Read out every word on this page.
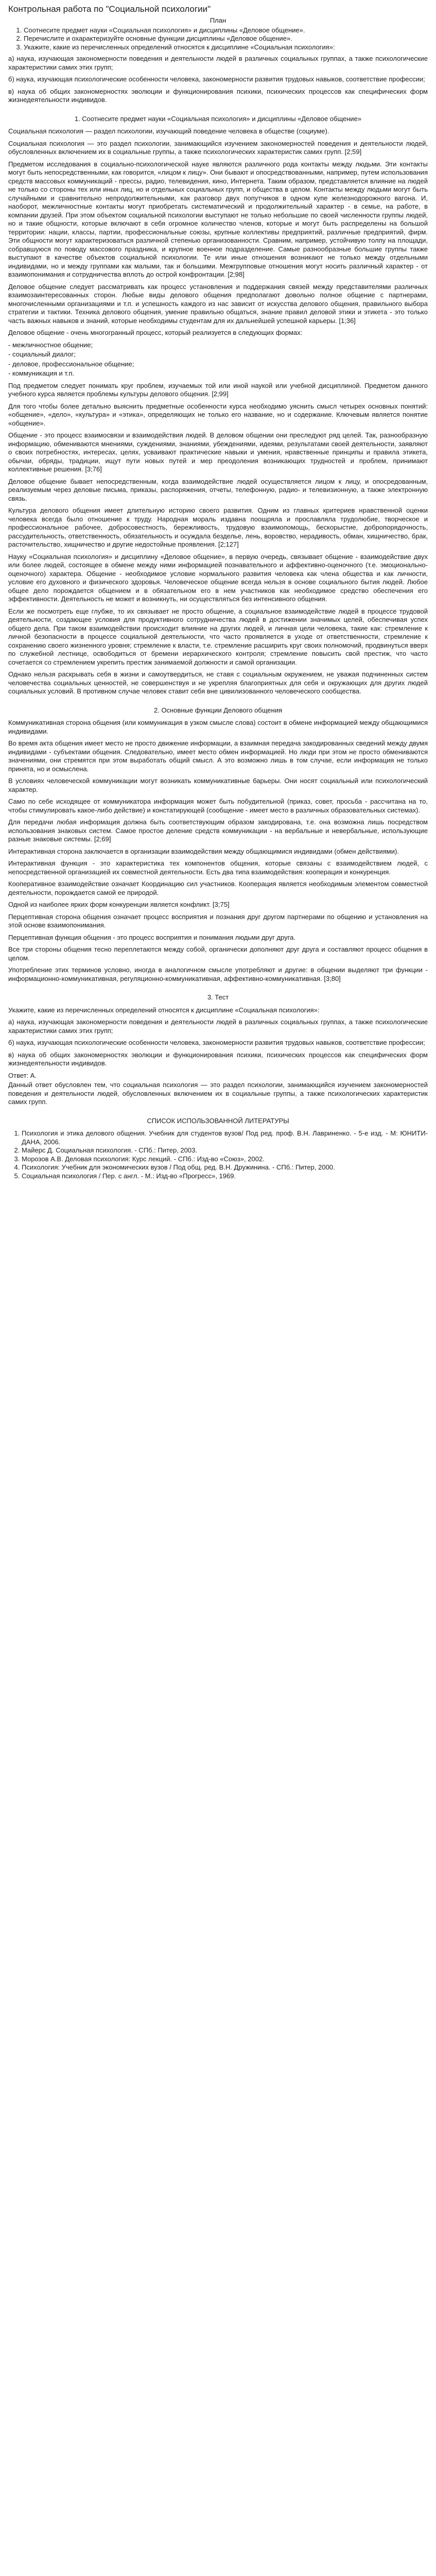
Контрольная работа по "Социальной психологии"
План
1. Соотнесите предмет науки «Социальная психология» и дисциплины «Деловое общение».
2. Перечислите и охарактеризуйте основные функции дисциплины «Деловое общение».
3. Укажите, какие из перечисленных определений относятся к дисциплине «Социальная психология»:

а) наука, изучающая закономерности поведения и деятельности людей в различных социальных группах, а также психологические характеристики самих этих групп;

б) наука, изучающая психологические особенности человека, закономерности развития трудовых навыков, соответствие профессии;

в) наука об общих закономерностях эволюции и функционирования психики, психических процессов как специфических форм жизнедеятельности индивидов.

1. Соотнесите предмет науки «Социальная психология» и дисциплины «Деловое общение»

Социальная психология — раздел психологии, изучающий поведение человека в обществе (социуме).

Социальная психология — это раздел психологии, занимающийся изучением закономерностей поведения и деятельности людей, обусловленных включением их в социальные группы, а также психологических характеристик самих групп. [2;59]

Предметом исследования в социально-психологической науке являются различного рода контакты между людьми. Эти контакты могут быть непосредственными, как говорится, «лицом к лицу». Они бывают и опосредствованными, например, путем использования средств массовых коммуникаций - прессы, радио, телевидения, кино, Интернета. Таким образом, представляется влияние на людей не только со стороны тех или иных лиц, но и отдельных социальных групп, и общества в целом. Контакты между людьми могут быть случайными и сравнительно непродолжительными, как разговор двух попутчиков в одном купе железнодорожного вагона. И, наоборот, межличностные контакты могут приобретать систематический и продолжительный характер - в семье, на работе, в компании друзей. При этом объектом социальной психологии выступают не только небольшие по своей численности группы людей, но и такие общности, которые включают в себя огромное количество членов, которые и могут быть распределены на большой территории: нации, классы, партии, профессиональные союзы, крупные коллективы предприятий, различные предприятий, фирм. Эти общности могут характеризоваться различной степенью организованности. Сравним, например, устойчивую толпу на площади, собравшуюся по поводу массового праздника, и крупное военное подразделение. Самые разнообразные большие группы также выступают в качестве объектов социальной психологии. Те или иные отношения возникают не только между отдельными индивидами, но и между группами как малыми, так и большими. Межгрупповые отношения могут носить различный характер - от взаимопонимания и сотрудничества вплоть до острой конфронтации. [2;98]

Деловое общение следует рассматривать как процесс установления и поддержания связей между представителями различных взаимозаинтересованных сторон. Любые виды делового общения предполагают довольно полное общение с партнерами, многочисленными организациями и т.п. и успешность каждого из нас зависит от искусства делового общения, правильного выбора стратегии и тактики. Техника делового общения, умение правильно общаться, знание правил деловой этики и этикета - это только часть важных навыков и знаний, которые необходимы студентам для их дальнейшей успешной карьеры. [1;36]

Деловое общение - очень многогранный процесс, который реализуется в следующих формах:

- межличностное общение;

- социальный диалог;

- деловое, профессиональное общение;

- коммуникация и т.п.

Под предметом следует понимать круг проблем, изучаемых той или иной наукой или учебной дисциплиной. Предметом данного учебного курса является проблемы культуры делового общения. [2;99]

Для того чтобы более детально выяснить предметные особенности курса необходимо уяснить смысл четырех основных понятий: «общение», «дело», «культура» и «этика», определяющих не только его название, но и содержание. Ключевым является понятие «общение».

Общение - это процесс взаимосвязи и взаимодействия людей. В деловом общении они преследуют ряд целей. Так, разнообразную информацию, обмениваются мнениями, суждениями, знаниями, убеждениями, идеями, результатами своей деятельности, заявляют о своих потребностях, интересах, целях, усваивают практические навыки и умения, нравственные принципы и правила этикета, обычаи, обряды, традиции, ищут пути новых путей и мер преодоления возникающих трудностей и проблем, принимают коллективные решения. [3;76]

Деловое общение бывает непосредственным, когда взаимодействие людей осуществляется лицом к лицу, и опосредованным, реализуемым через деловые письма, приказы, распоряжения, отчеты, телефонную, радио- и телевизионную, а также электронную связь.

Культура делового общения имеет длительную историю своего развития. Одним из главных критериев нравственной оценки человека всегда было отношение к труду. Народная мораль издавна поощряла и прославляла трудолюбие, творческое и профессиональное рабочее, добросовестность, бережливость, трудовую взаимопомощь, бескорыстие, добропорядочность, рассудительность, ответственность, обязательность и осуждала безделье, лень, воровство, нерадивость, обман, хищничество, брак, расточительство, хищничество и другие недостойные проявления. [2;127]

Науку «Социальная психология» и дисциплину «Деловое общение», в первую очередь, связывает общение - взаимодействие двух или более людей, состоящее в обмене между ними информацией познавательного и аффективно-оценочного (т.е. эмоционально-оценочного) характера. Общение - необходимое условие нормального развития человека как члена общества и как личности, условие его духовного и физического здоровья. Человеческое общение всегда нельзя в основе социального бытия людей. Любое общее дело порождается общением и в обязательном его в нем участников как необходимое средство обеспечения его эффективности. Деятельность не может и возникнуть, ни осуществляться без интенсивного общения.

Если же посмотреть еще глубже, то их связывает не просто общение, а социальное взаимодействие людей в процессе трудовой деятельности, создающее условия для продуктивного сотрудничества людей в достижении значимых целей, обеспечивая успех общего дела. При таком взаимодействии происходит влияние на других людей, и личная цели человека, такие как: стремление к личной безопасности в процессе социальной деятельности, что часто проявляется в уходе от ответственности, стремление к сохранению своего жизненного уровня; стремление к власти, т.е. стремление расширить круг своих полномочий, продвинуться вверх по служебной лестнице, освободиться от бремени иерархического контроля; стремление повысить свой престиж, что часто сочетается со стремлением укрепить престиж занимаемой должности и самой организации.

Однако нельзя раскрывать себя в жизни и самоутвердиться, не ставя с социальным окружением, не уважая подчиненных систем человечества социальных ценностей, не совершенствуя и не укрепляя благоприятных для себя и окружающих для других людей социальных условий. В противном случае человек ставит себя вне цивилизованного человеческого сообщества.

2. Основные функции Делового общения

Коммуникативная сторона общения (или коммуникация в узком смысле слова) состоит в обмене информацией между общающимися индивидами.

Во время акта общения имеет место не просто движение информации, а взаимная передача закодированных сведений между двумя индивидами - субъектами общения. Следовательно, имеет место обмен информацией. Но люди при этом не просто обмениваются значениями, они стремятся при этом выработать общий смысл. А это возможно лишь в том случае, если информация не только принята, но и осмыслена.

В условиях человеческой коммуникации могут возникать коммуникативные барьеры. Они носят социальный или психологический характер.

Само по себе исходящее от коммуникатора информация может быть побудительной (приказ, совет, просьба - рассчитана на то, чтобы стимулировать какое-либо действие) и констатирующей (сообщение - имеет место в различных образовательных системах).

Для передачи любая информация должна быть соответствующим образом закодирована, т.е. она возможна лишь посредством использования знаковых систем. Самое простое деление средств коммуникации - на вербальные и невербальные, использующие разные знаковые системы. [2;69]

Интерактивная сторона заключается в организации взаимодействия между общающимися индивидами (обмен действиями).

Интерактивная функция - это характеристика тех компонентов общения, которые связаны с взаимодействием людей, с непосредственной организацией их совместной деятельности. Есть два типа взаимодействия: кооперация и конкуренция.

Кооперативное взаимодействие означает Координацию сил участников. Кооперация является необходимым элементом совместной деятельности, порождается самой ее природой.

Одной из наиболее ярких форм конкуренции является конфликт. [3;75]

Перцептивная сторона общения означает процесс восприятия и познания друг другом партнерами по общению и установления на этой основе взаимопонимания.

Перцептивная функция общения - это процесс восприятия и понимания людьми друг друга.

Все три стороны общения тесно переплетаются между собой, органически дополняют друг друга и составляют процесс общения в целом.

Употребление этих терминов условно, иногда в аналогичном смысле употребляют и другие: в общении выделяют три функции - информационно-коммуникативная, регуляционно-коммуникативная, аффективно-коммуникативная. [3;80]

3. Тест

Укажите, какие из перечисленных определений относятся к дисциплине «Социальная психология»:

а) наука, изучающая закономерности поведения и деятельности людей в различных социальных группах, а также психологические характеристики самих этих групп;

б) наука, изучающая психологические особенности человека, закономерности развития трудовых навыков, соответствие профессии;

в) наука об общих закономерностях эволюции и функционирования психики, психических процессов как специфических форм жизнедеятельности индивидов.

Ответ: А.

Данный ответ обусловлен тем, что социальная психология — это раздел психологии, занимающийся изучением закономерностей поведения и деятельности людей, обусловленных включением их в социальные группы, а также психологических характеристик самих групп.

СПИСОК ИСПОЛЬЗОВАННОЙ ЛИТЕРАТУРЫ
1. Психология и этика делового общения. Учебник для студентов вузов/ Под ред. проф. В.Н. Лавриненко. - 5-е изд. - М: ЮНИТИ-ДАНА, 2006.
2. Майерс Д. Социальная психология. - СПб.: Питер, 2003.
3. Морозов А.В. Деловая психология: Курс лекций. - СПб.: Изд-во «Союз», 2002.
4. Психология: Учебник для экономических вузов / Под общ. ред. В.Н. Дружинина. - СПб.: Питер, 2000.
5. Социальная психология / Пер. с англ. - М.: Изд-во «Прогресс», 1969.
